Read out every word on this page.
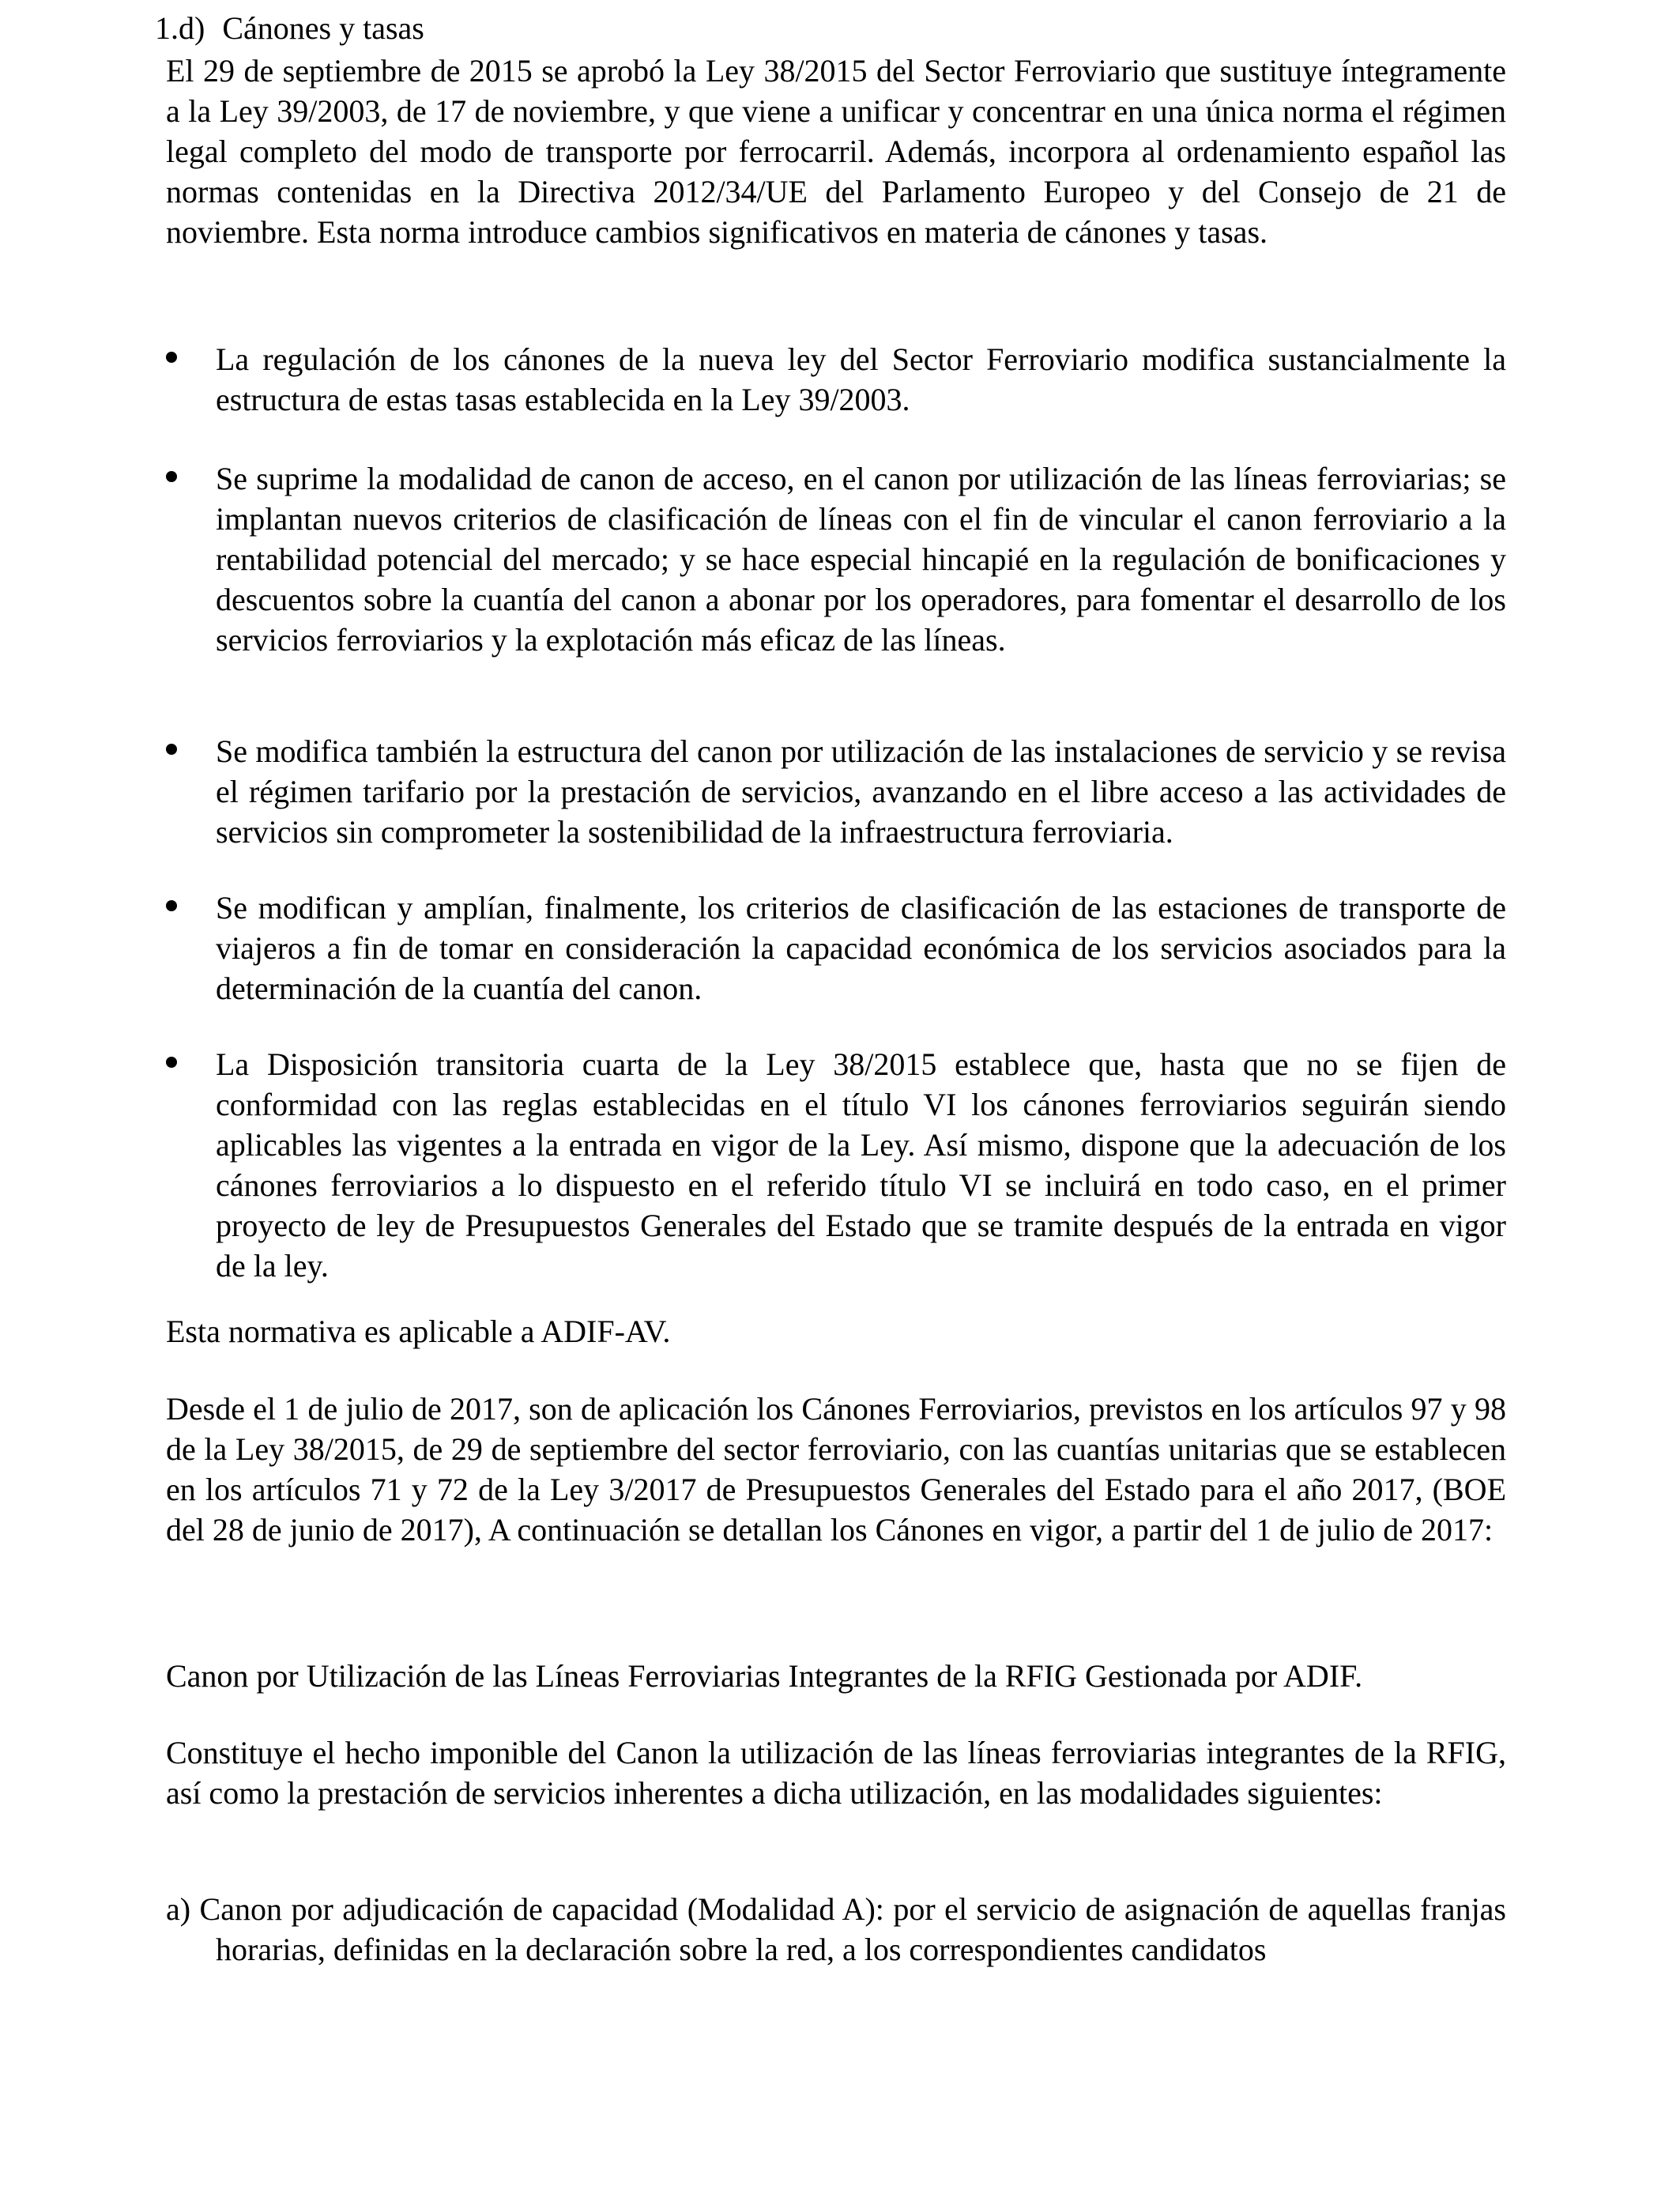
1.d) Cánones y tasas
El 29 de septiembre de 2015 se aprobó la Ley 38/2015 del Sector Ferroviario que sustituye íntegramente a la Ley 39/2003, de 17 de noviembre, y que viene a unificar y concentrar en una única norma el régimen legal completo del modo de transporte por ferrocarril. Además, incorpora al ordenamiento español las normas contenidas en la Directiva 2012/34/UE del Parlamento Europeo y del Consejo de 21 de noviembre. Esta norma introduce cambios significativos en materia de cánones y tasas.
La regulación de los cánones de la nueva ley del Sector Ferroviario modifica sustancialmente la estructura de estas tasas establecida en la Ley 39/2003.
Se suprime la modalidad de canon de acceso, en el canon por utilización de las líneas ferroviarias; se implantan nuevos criterios de clasificación de líneas con el fin de vincular el canon ferroviario a la rentabilidad potencial del mercado; y se hace especial hincapié en la regulación de bonificaciones y descuentos sobre la cuantía del canon a abonar por los operadores, para fomentar el desarrollo de los servicios ferroviarios y la explotación más eficaz de las líneas.
Se modifica también la estructura del canon por utilización de las instalaciones de servicio y se revisa el régimen tarifario por la prestación de servicios, avanzando en el libre acceso a las actividades de servicios sin comprometer la sostenibilidad de la infraestructura ferroviaria.
Se modifican y amplían, finalmente, los criterios de clasificación de las estaciones de transporte de viajeros a fin de tomar en consideración la capacidad económica de los servicios asociados para la determinación de la cuantía del canon.
La Disposición transitoria cuarta de la Ley 38/2015 establece que, hasta que no se fijen de conformidad con las reglas establecidas en el título VI los cánones ferroviarios seguirán siendo aplicables las vigentes a la entrada en vigor de la Ley. Así mismo, dispone que la adecuación de los cánones ferroviarios a lo dispuesto en el referido título VI se incluirá en todo caso, en el primer proyecto de ley de Presupuestos Generales del Estado que se tramite después de la entrada en vigor de la ley.
Esta normativa es aplicable a ADIF-AV.
Desde el 1 de julio de 2017, son de aplicación los Cánones Ferroviarios, previstos en los artículos 97 y 98 de la Ley 38/2015, de 29 de septiembre del sector ferroviario, con las cuantías unitarias que se establecen en los artículos 71 y 72 de la Ley 3/2017 de Presupuestos Generales del Estado para el año 2017, (BOE del 28 de junio de 2017), A continuación se detallan los Cánones en vigor, a partir del 1 de julio de 2017:
Canon por Utilización de las Líneas Ferroviarias Integrantes de la RFIG Gestionada por ADIF.
Constituye el hecho imponible del Canon la utilización de las líneas ferroviarias integrantes de la RFIG, así como la prestación de servicios inherentes a dicha utilización, en las modalidades siguientes:
a) Canon por adjudicación de capacidad (Modalidad A): por el servicio de asignación de aquellas franjas horarias, definidas en la declaración sobre la red, a los correspondientes candidatos
